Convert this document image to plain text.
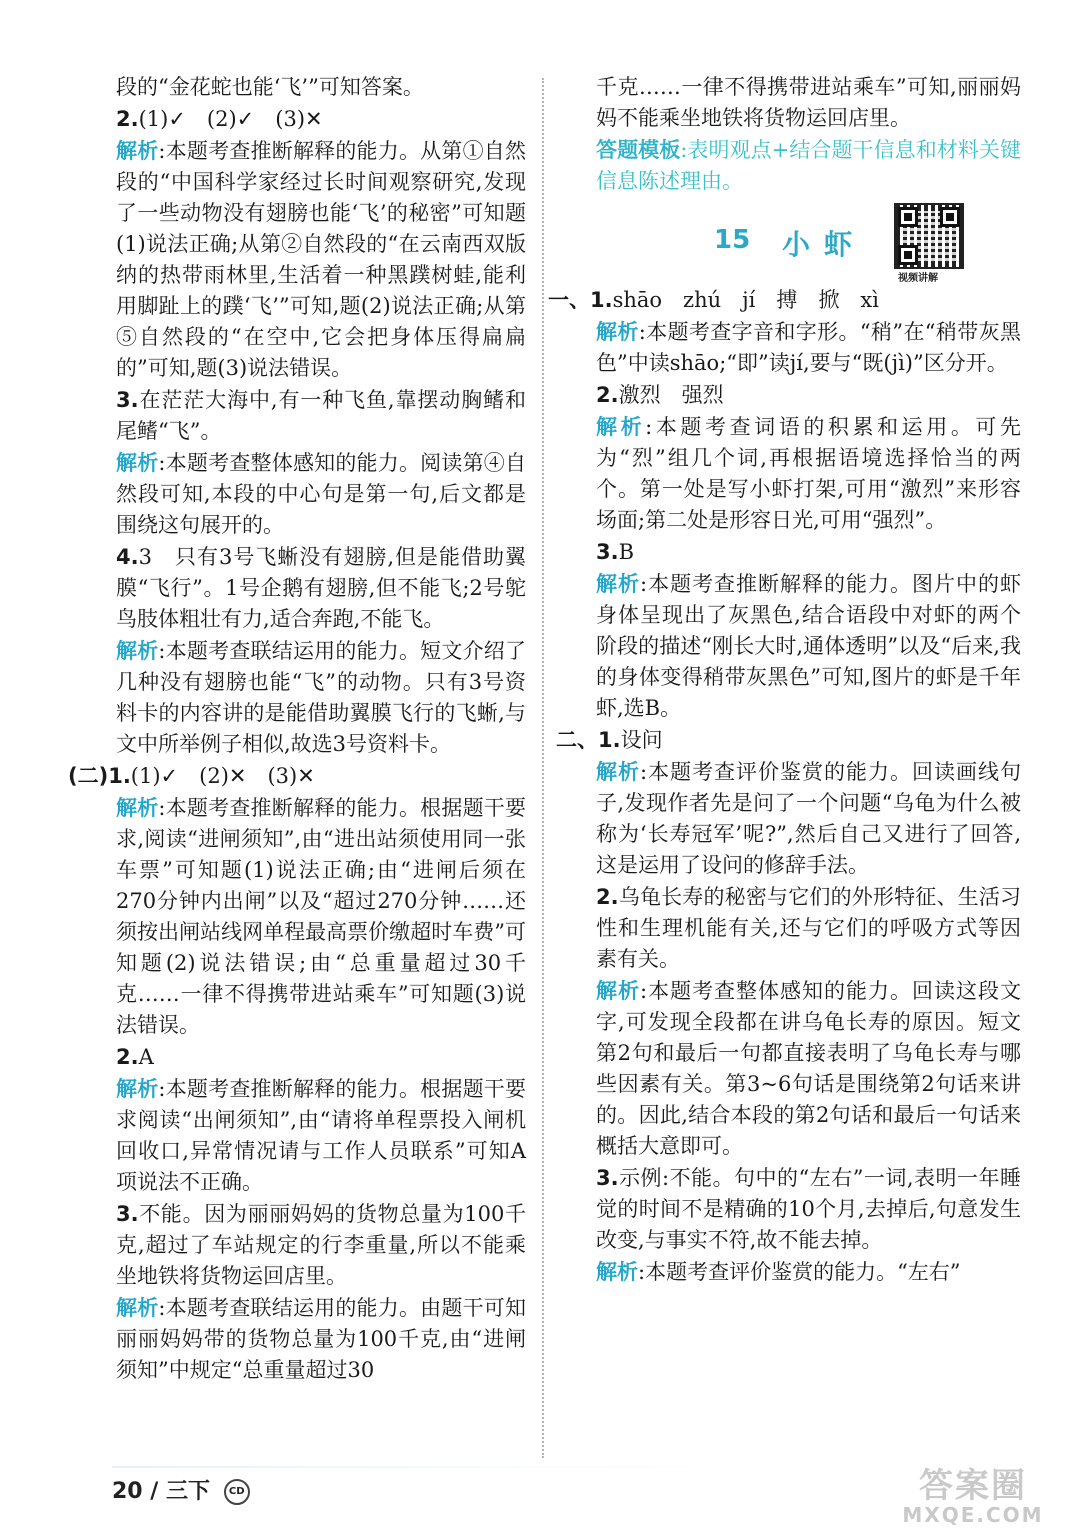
段的“金花蛇也能‘飞’”可知答案。

2.(1)✓　(2)✓　(3)✕

解析:本题考查推断解释的能力。从第①自然段的“中国科学家经过长时间观察研究,发现了一些动物没有翅膀也能‘飞’的秘密”可知题(1)说法正确;从第②自然段的“在云南西双版纳的热带雨林里,生活着一种黑蹼树蛙,能利用脚趾上的蹼‘飞’”可知,题(2)说法正确;从第⑤自然段的“在空中,它会把身体压得扁扁的”可知,题(3)说法错误。

3.在茫茫大海中,有一种飞鱼,靠摆动胸鳍和尾鳍“飞”。

解析:本题考查整体感知的能力。阅读第④自然段可知,本段的中心句是第一句,后文都是围绕这句展开的。

4.3　只有3号飞蜥没有翅膀,但是能借助翼膜“飞行”。1号企鹅有翅膀,但不能飞;2号鸵鸟肢体粗壮有力,适合奔跑,不能飞。

解析:本题考查联结运用的能力。短文介绍了几种没有翅膀也能“飞”的动物。只有3号资料卡的内容讲的是能借助翼膜飞行的飞蜥,与文中所举例子相似,故选3号资料卡。

(二)1.(1)✓　(2)✕　(3)✕

解析:本题考查推断解释的能力。根据题干要求,阅读“进闸须知”,由“进出站须使用同一张车票”可知题(1)说法正确;由“进闸后须在270分钟内出闸”以及“超过270分钟……还须按出闸站线网单程最高票价缴超时车费”可知题(2)说法错误;由“总重量超过30千克……一律不得携带进站乘车”可知题(3)说法错误。

2.A

解析:本题考查推断解释的能力。根据题干要求阅读“出闸须知”,由“请将单程票投入闸机回收口,异常情况请与工作人员联系”可知A项说法不正确。

3.不能。因为丽丽妈妈的货物总量为100千克,超过了车站规定的行李重量,所以不能乘坐地铁将货物运回店里。

解析:本题考查联结运用的能力。由题干可知丽丽妈妈带的货物总量为100千克,由“进闸须知”中规定“总重量超过30

千克……一律不得携带进站乘车”可知,丽丽妈妈不能乘坐地铁将货物运回店里。

答题模板:表明观点+结合题干信息和材料关键信息陈述理由。

15 小虾
视频讲解

一、1.shāo　zhú　jí　搏　掀　xì

解析:本题考查字音和字形。“稍”在“稍带灰黑色”中读shāo;“即”读jí,要与“既(jì)”区分开。

2.激烈　强烈

解析:本题考查词语的积累和运用。可先为“烈”组几个词,再根据语境选择恰当的两个。第一处是写小虾打架,可用“激烈”来形容场面;第二处是形容日光,可用“强烈”。

3.B

解析:本题考查推断解释的能力。图片中的虾身体呈现出了灰黑色,结合语段中对虾的两个阶段的描述“刚长大时,通体透明”以及“后来,我的身体变得稍带灰黑色”可知,图片的虾是千年虾,选B。

二、1.设问

解析:本题考查评价鉴赏的能力。回读画线句子,发现作者先是问了一个问题“乌龟为什么被称为‘长寿冠军’呢?”,然后自己又进行了回答,这是运用了设问的修辞手法。

2.乌龟长寿的秘密与它们的外形特征、生活习性和生理机能有关,还与它们的呼吸方式等因素有关。

解析:本题考查整体感知的能力。回读这段文字,可发现全段都在讲乌龟长寿的原因。短文第2句和最后一句都直接表明了乌龟长寿与哪些因素有关。第3~6句话是围绕第2句话来讲的。因此,结合本段的第2句话和最后一句话来概括大意即可。

3.示例:不能。句中的“左右”一词,表明一年睡觉的时间不是精确的10个月,去掉后,句意发生改变,与事实不符,故不能去掉。

解析:本题考查评价鉴赏的能力。“左右”

20 / 三下 CD	答案圈
MXQE.COM
